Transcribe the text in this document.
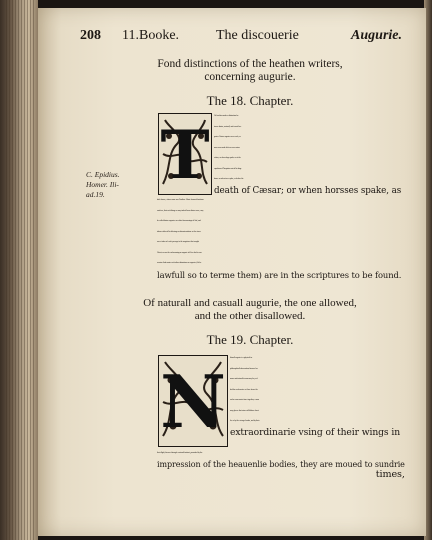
208 11.Booke.	The discouerie	Augurie.
Fond distinctions of the heathen writers,
concerning augurie.
The 18. Chapter.
C. Epidius.
Homer. Ili-
ad.19.
T	He heathen made a distinction be-
twene diuine, naturall, and casuall au-
guries. Diuine auguries were such, as
men were made beleeue were mira-
culous, as when dogs spake; as at the
expulsion of Tarquinius out of his king-
dome; or when trees spake, as before the
death of Cæsar; or when horsses spake, as
did a horsse, whose name was Zanthus. Manie learned christians
confesse, that such things as may indeed haue diuine cause, may
be called diuine auguries; or rather forewarnings of God, and
tokens either of his blessings or discontentation: as the starre
was a token of a safe passage to the magicians that sought
Christ; so was the cockcrowing an augurie to Peter for his con-
uersion. And manie such other diuinations or auguries (if it be
lawfull so to terme them) are in the scriptures to be found.
Of naturall and casuall augurie, the one allowed,
and the other disallowed.
The 19. Chapter.
N
Aturall augurie is a physicall or
philosophicall obseruation; bicause hu-
mane and naturall reason may be yeel-
ded for sucheuents: as if one heare the
cocke crow manie times together, a man
may ghesse that raine will followe short-
lie; as by the crieng of rooks, and by their
extraordinarie vsing of their wings in
their flight, bicause through a naturall instinct, prouoked by the
impression of the heauenlie bodies, they are moued to sundrie
times,
